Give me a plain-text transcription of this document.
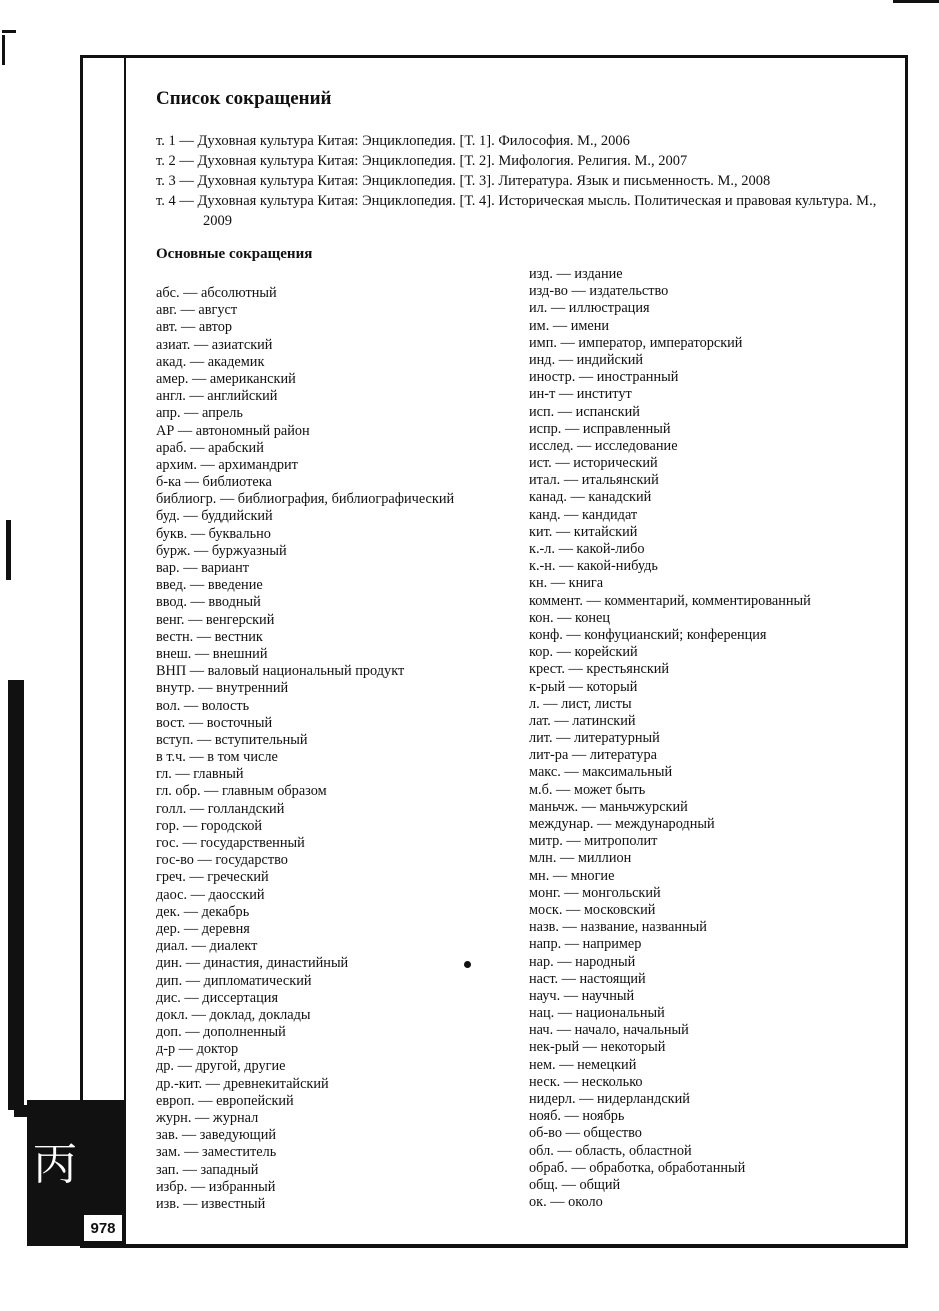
丙
978
Список сокращений

т. 1 — Духовная культура Китая: Энциклопедия. [Т. 1]. Философия. М., 2006

т. 2 — Духовная культура Китая: Энциклопедия. [Т. 2]. Мифология. Религия. М., 2007

т. 3 — Духовная культура Китая: Энциклопедия. [Т. 3]. Литература. Язык и письменность. М., 2008

т. 4 — Духовная культура Китая: Энциклопедия. [Т. 4]. Историческая мысль. Политическая и правовая культура. М., 2009

Основные сокращения
абс. — абсолютный
авг. — август
авт. — автор
азиат. — азиатский
акад. — академик
амер. — американский
англ. — английский
апр. — апрель
АР — автономный район
араб. — арабский
архим. — архимандрит
б-ка — библиотека
библиогр. — библиография, библиографический
буд. — буддийский
букв. — буквально
бурж. — буржуазный
вар. — вариант
введ. — введение
ввод. — вводный
венг. — венгерский
вестн. — вестник
внеш. — внешний
ВНП — валовый национальный продукт
внутр. — внутренний
вол. — волость
вост. — восточный
вступ. — вступительный
в т.ч. — в том числе
гл. — главный
гл. обр. — главным образом
голл. — голландский
гор. — городской
гос. — государственный
гос-во — государство
греч. — греческий
даос. — даосский
дек. — декабрь
дер. — деревня
диал. — диалект
дин. — династия, династийный
дип. — дипломатический
дис. — диссертация
докл. — доклад, доклады
доп. — дополненный
д-р — доктор
др. — другой, другие
др.-кит. — древнекитайский
европ. — европейский
журн. — журнал
зав. — заведующий
зам. — заместитель
зап. — западный
избр. — избранный
изв. — известный
изд. — издание
изд-во — издательство
ил. — иллюстрация
им. — имени
имп. — император, императорский
инд. — индийский
иностр. — иностранный
ин-т — институт
исп. — испанский
испр. — исправленный
исслед. — исследование
ист. — исторический
итал. — итальянский
канад. — канадский
канд. — кандидат
кит. — китайский
к.-л. — какой-либо
к.-н. — какой-нибудь
кн. — книга
коммент. — комментарий, комментированный
кон. — конец
конф. — конфуцианский; конференция
кор. — корейский
крест. — крестьянский
к-рый — который
л. — лист, листы
лат. — латинский
лит. — литературный
лит-ра — литература
макс. — максимальный
м.б. — может быть
маньчж. — маньчжурский
междунар. — международный
митр. — митрополит
млн. — миллион
мн. — многие
монг. — монгольский
моск. — московский
назв. — название, названный
напр. — например
нар. — народный
наст. — настоящий
науч. — научный
нац. — национальный
нач. — начало, начальный
нек-рый — некоторый
нем. — немецкий
неск. — несколько
нидерл. — нидерландский
нояб. — ноябрь
об-во — общество
обл. — область, областной
обраб. — обработка, обработанный
общ. — общий
ок. — около
